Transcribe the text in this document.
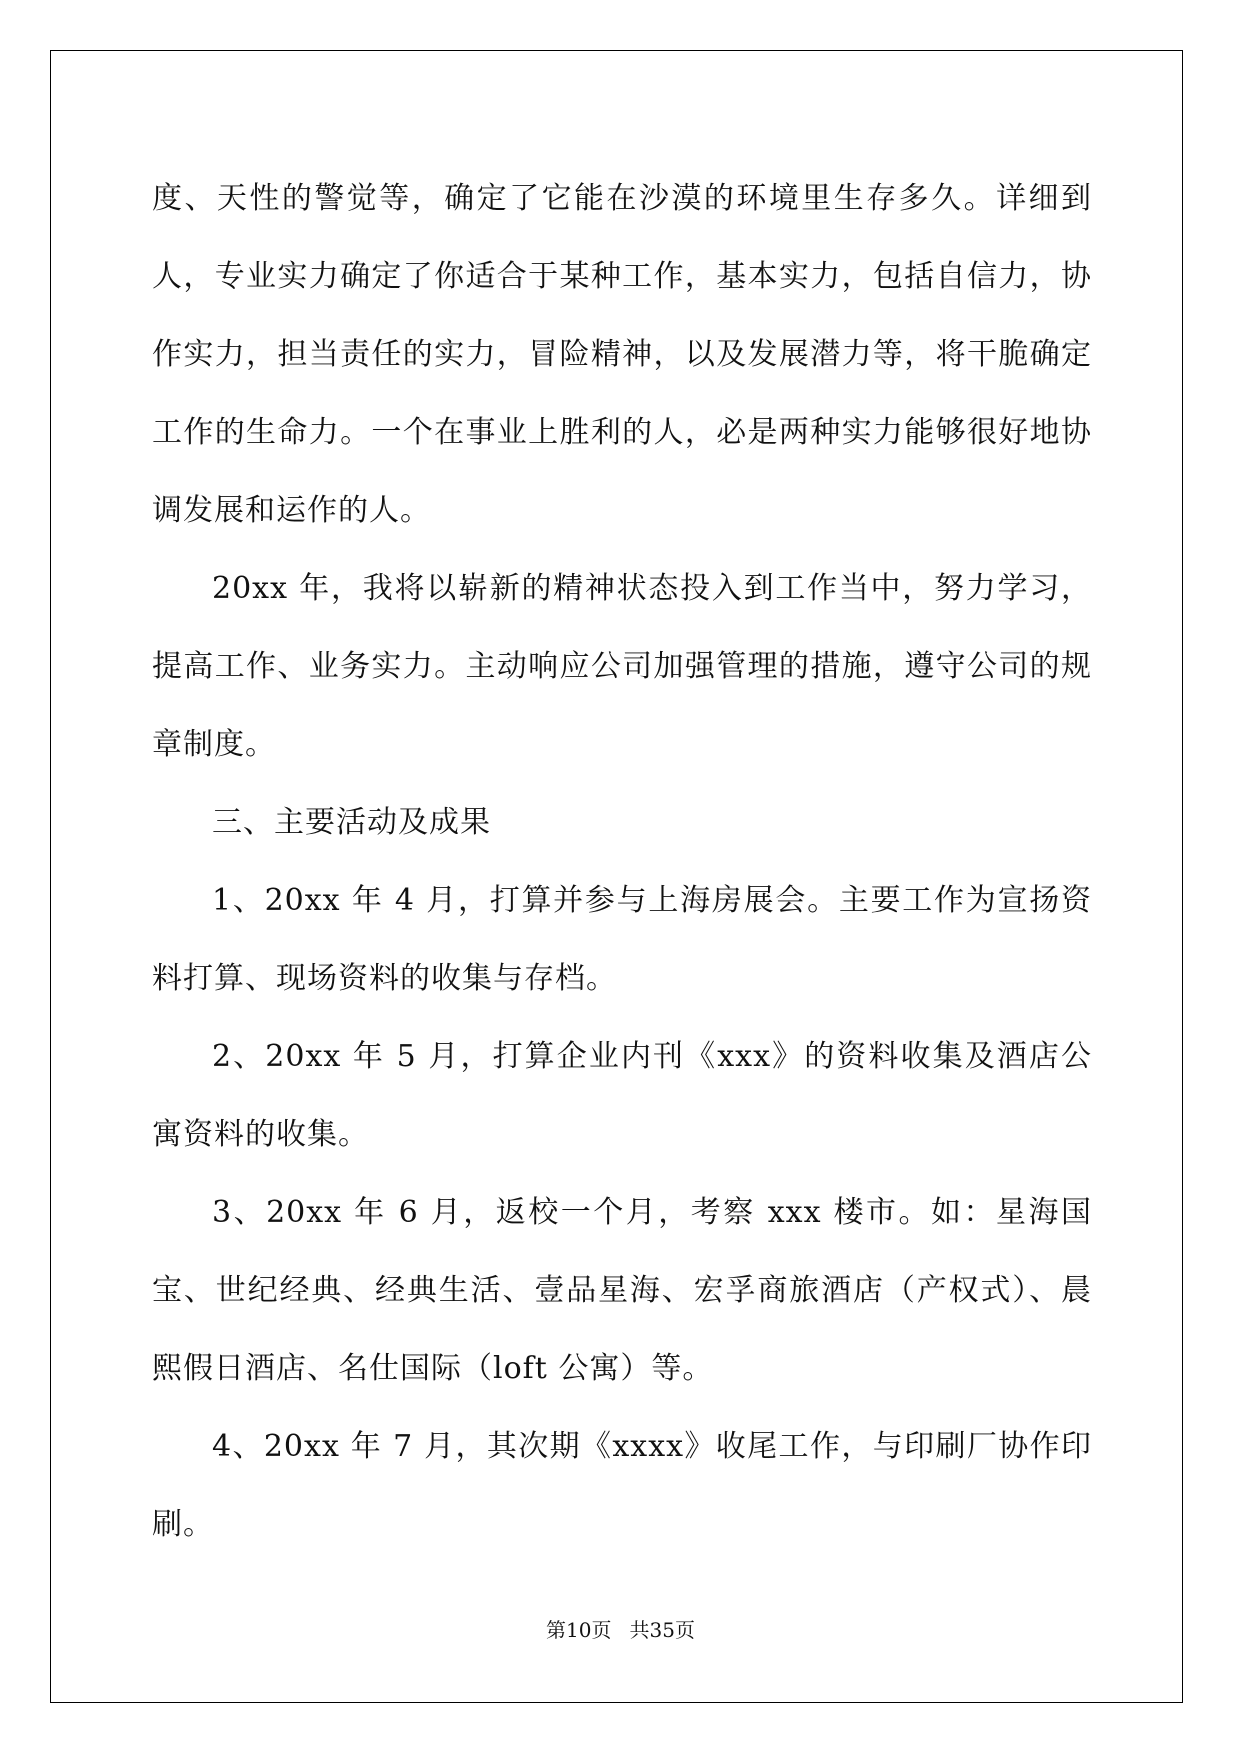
度、天性的警觉等，确定了它能在沙漠的环境里生存多久。详细到人，专业实力确定了你适合于某种工作，基本实力，包括自信力，协作实力，担当责任的实力，冒险精神，以及发展潜力等，将干脆确定工作的生命力。一个在事业上胜利的人，必是两种实力能够很好地协调发展和运作的人。

20xx 年，我将以崭新的精神状态投入到工作当中，努力学习，提高工作、业务实力。主动响应公司加强管理的措施，遵守公司的规章制度。

三、主要活动及成果

1、20xx 年 4 月，打算并参与上海房展会。主要工作为宣扬资料打算、现场资料的收集与存档。

2、20xx 年 5 月，打算企业内刊《xxx》的资料收集及酒店公寓资料的收集。

3、20xx 年 6 月，返校一个月，考察 xxx 楼市。如：星海国宝、世纪经典、经典生活、壹品星海、宏孚商旅酒店（产权式）、晨熙假日酒店、名仕国际（loft 公寓）等。

4、20xx 年 7 月，其次期《xxxx》收尾工作，与印刷厂协作印刷。

第10页 共35页
